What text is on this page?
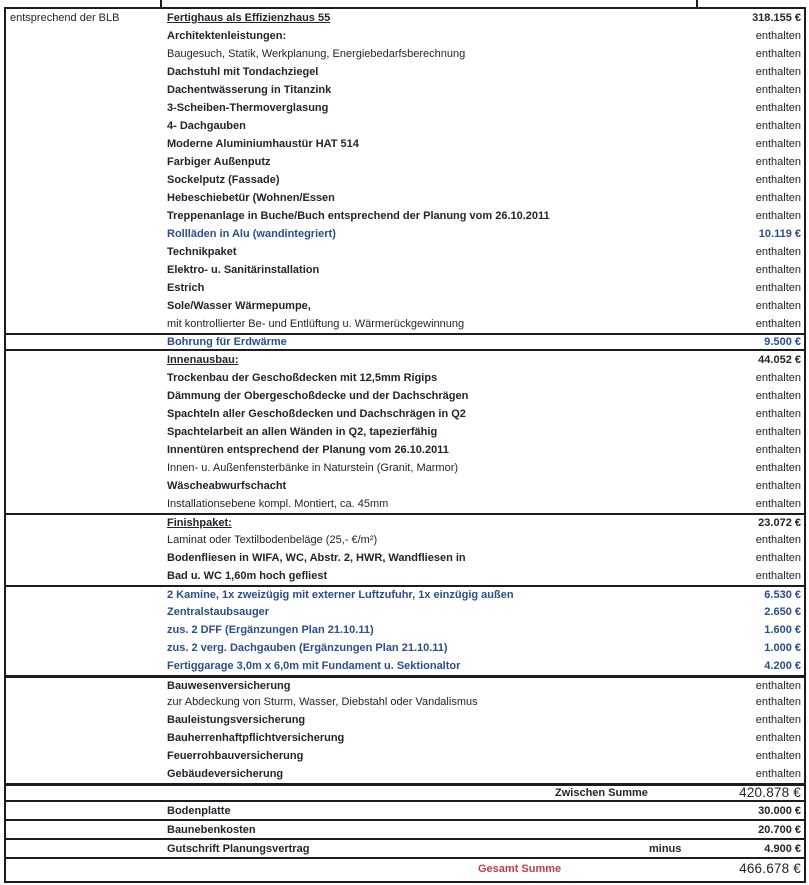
entsprechend der BLB	Fertighaus als Effizienzhaus 55	318.155 €
Architektenleistungen:	enthalten
Baugesuch, Statik, Werkplanung, Energiebedarfsberechnung	enthalten
Dachstuhl mit Tondachziegel	enthalten
Dachentwässerung in Titanzink	enthalten
3-Scheiben-Thermoverglasung	enthalten
4- Dachgauben	enthalten
Moderne Aluminiumhaustür HAT 514	enthalten
Farbiger Außenputz	enthalten
Sockelputz (Fassade)	enthalten
Hebeschiebetür (Wohnen/Essen	enthalten
Treppenanlage in Buche/Buch entsprechend der Planung vom 26.10.2011	enthalten
Rollläden in Alu (wandintegriert)	10.119 €
Technikpaket	enthalten
Elektro- u. Sanitärinstallation	enthalten
Estrich	enthalten
Sole/Wasser Wärmepumpe,	enthalten
mit kontrollierter Be- und Entlüftung u. Wärmerückgewinnung	enthalten
Bohrung für Erdwärme	9.500 €
Innenausbau:	44.052 €
Trockenbau der Geschoßdecken mit 12,5mm Rigips	enthalten
Dämmung der Obergeschoßdecke und der Dachschrägen	enthalten
Spachteln aller Geschoßdecken und Dachschrägen in Q2	enthalten
Spachtelarbeit an allen Wänden in Q2, tapezierfähig	enthalten
Innentüren entsprechend der Planung vom 26.10.2011	enthalten
Innen- u. Außenfensterbänke in Naturstein (Granit, Marmor)	enthalten
Wäscheabwurfschacht	enthalten
Installationsebene kompl. Montiert, ca. 45mm	enthalten
Finishpaket:	23.072 €
Laminat oder Textilbodenbeläge (25,- €/m²)	enthalten
Bodenfliesen in WIFA, WC, Abstr. 2, HWR, Wandfliesen in	enthalten
Bad u. WC 1,60m hoch gefliest	enthalten
2 Kamine, 1x zweizügig mit externer Luftzufuhr, 1x einzügig außen	6.530 €
Zentralstaubsauger	2.650 €
zus. 2 DFF (Ergänzungen Plan 21.10.11)	1.600 €
zus. 2 verg. Dachgauben (Ergänzungen Plan 21.10.11)	1.000 €
Fertiggarage 3,0m x 6,0m mit Fundament u. Sektionaltor	4.200 €
Bauwesenversicherung	enthalten
zur Abdeckung von Sturm, Wasser, Diebstahl oder Vandalismus	enthalten
Bauleistungsversicherung	enthalten
Bauherrenhaftpflichtversicherung	enthalten
Feuerrohbauversicherung	enthalten
Gebäudeversicherung	enthalten
Zwischen Summe	420.878 €
Bodenplatte	30.000 €
Baunebenkosten	20.700 €
Gutschrift Planungsvertrag	minus	4.900 €
Gesamt Summe	466.678 €
